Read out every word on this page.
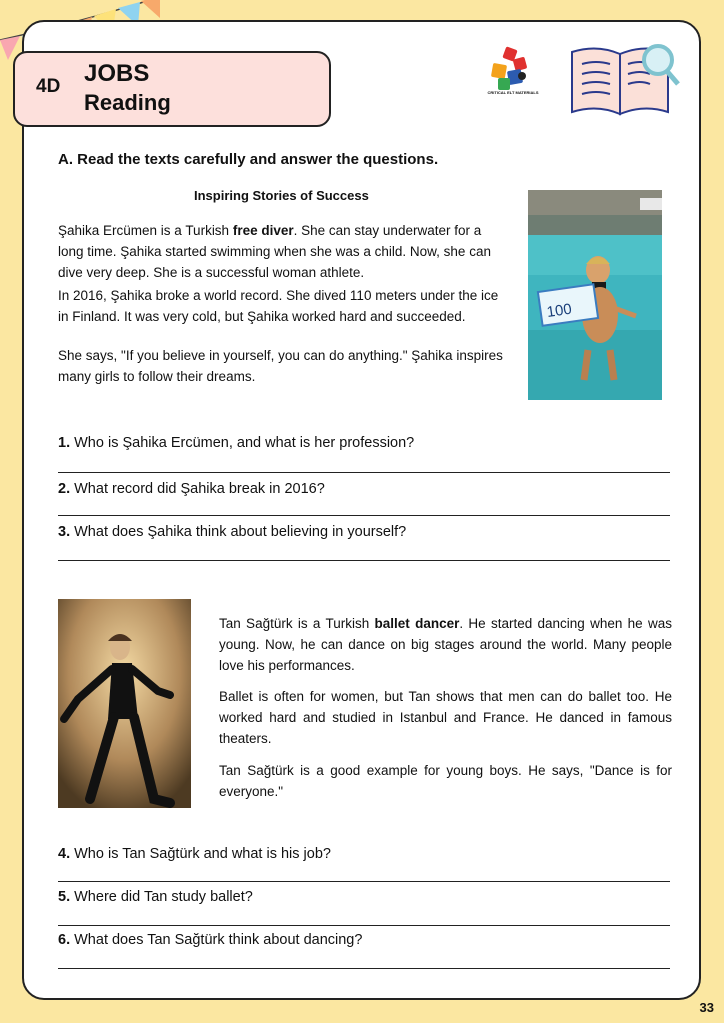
4D JOBS
Reading	CRITICAL ELT MATERIALS
A. Read the texts carefully and answer the questions.
Inspiring Stories of Success
Şahika Ercümen is a Turkish free diver. She can stay underwater for a long time. Şahika started swimming when she was a child. Now, she can dive very deep. She is a successful woman athlete.
In 2016, Şahika broke a world record. She dived 110 meters under the ice in Finland. It was very cold, but Şahika worked hard and succeeded.
She says, "If you believe in yourself, you can do anything." Şahika inspires many girls to follow their dreams.
100
1. Who is Şahika Ercümen, and what is her profession?
2. What record did Şahika break in 2016?
3. What does Şahika think about believing in yourself?
Tan Sağtürk is a Turkish ballet dancer. He started dancing when he was young. Now, he can dance on big stages around the world. Many people love his performances.
Ballet is often for women, but Tan shows that men can do ballet too. He worked hard and studied in Istanbul and France. He danced in famous theaters.
Tan Sağtürk is a good example for young boys. He says, "Dance is for everyone."
4. Who is Tan Sağtürk and what is his job?
5. Where did Tan study ballet?
6. What does Tan Sağtürk think about dancing?
33
